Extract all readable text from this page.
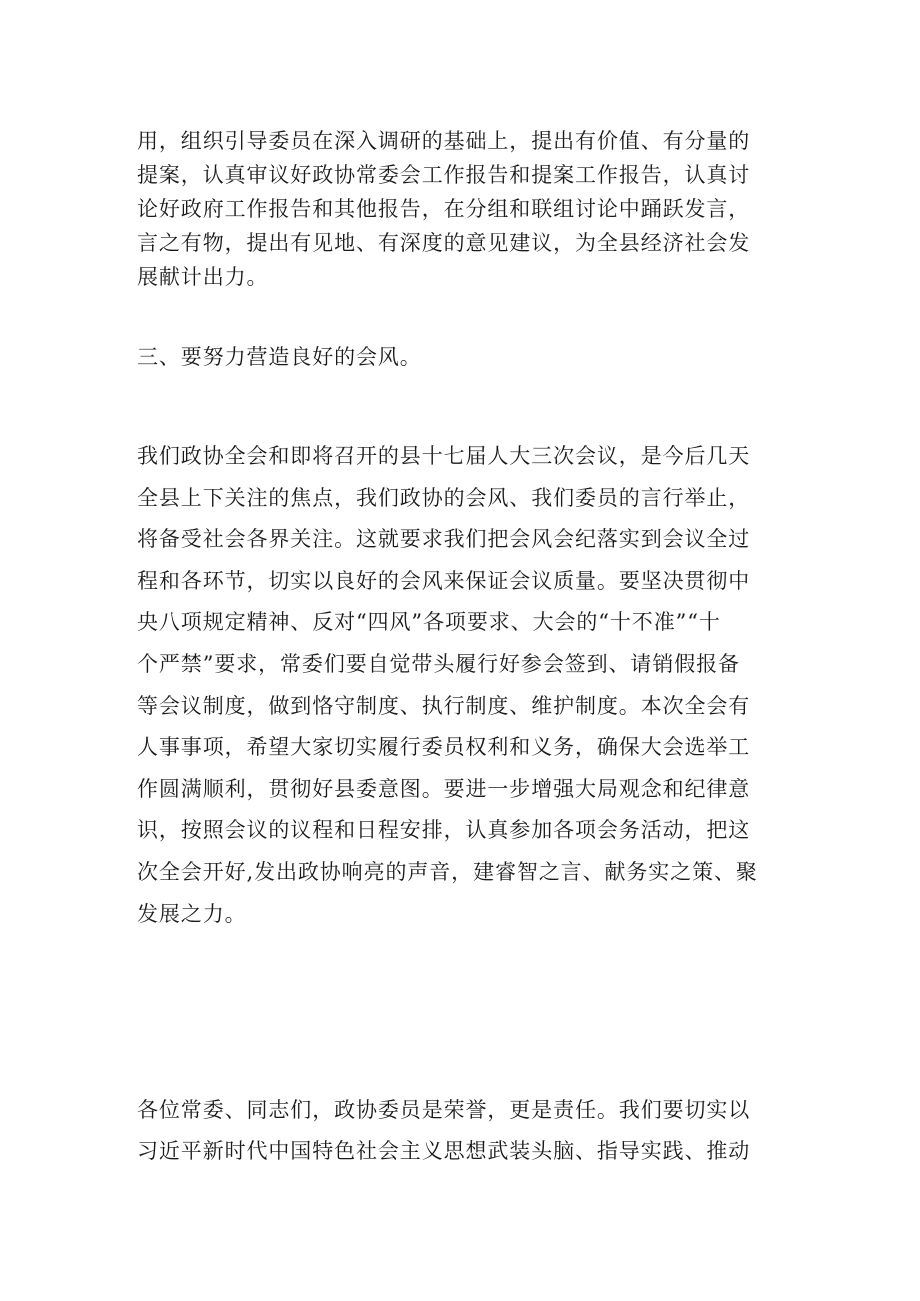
用，组织引导委员在深入调研的基础上，提出有价值、有分量的
提案，认真审议好政协常委会工作报告和提案工作报告，认真讨
论好政府工作报告和其他报告，在分组和联组讨论中踊跃发言，
言之有物，提出有见地、有深度的意见建议，为全县经济社会发
展献计出力。
三、要努力营造良好的会风。
我们政协全会和即将召开的县十七届人大三次会议，是今后几天
全县上下关注的焦点，我们政协的会风、我们委员的言行举止，
将备受社会各界关注。这就要求我们把会风会纪落实到会议全过
程和各环节，切实以良好的会风来保证会议质量。要坚决贯彻中
央八项规定精神、反对“四风”各项要求、大会的“十不准”“十
个严禁”要求，常委们要自觉带头履行好参会签到、请销假报备
等会议制度，做到恪守制度、执行制度、维护制度。本次全会有
人事事项，希望大家切实履行委员权利和义务，确保大会选举工
作圆满顺利，贯彻好县委意图。要进一步增强大局观念和纪律意
识，按照会议的议程和日程安排，认真参加各项会务活动，把这
次全会开好,发出政协响亮的声音，建睿智之言、献务实之策、聚
发展之力。
各位常委、同志们，政协委员是荣誉，更是责任。我们要切实以
习近平新时代中国特色社会主义思想武装头脑、指导实践、推动
